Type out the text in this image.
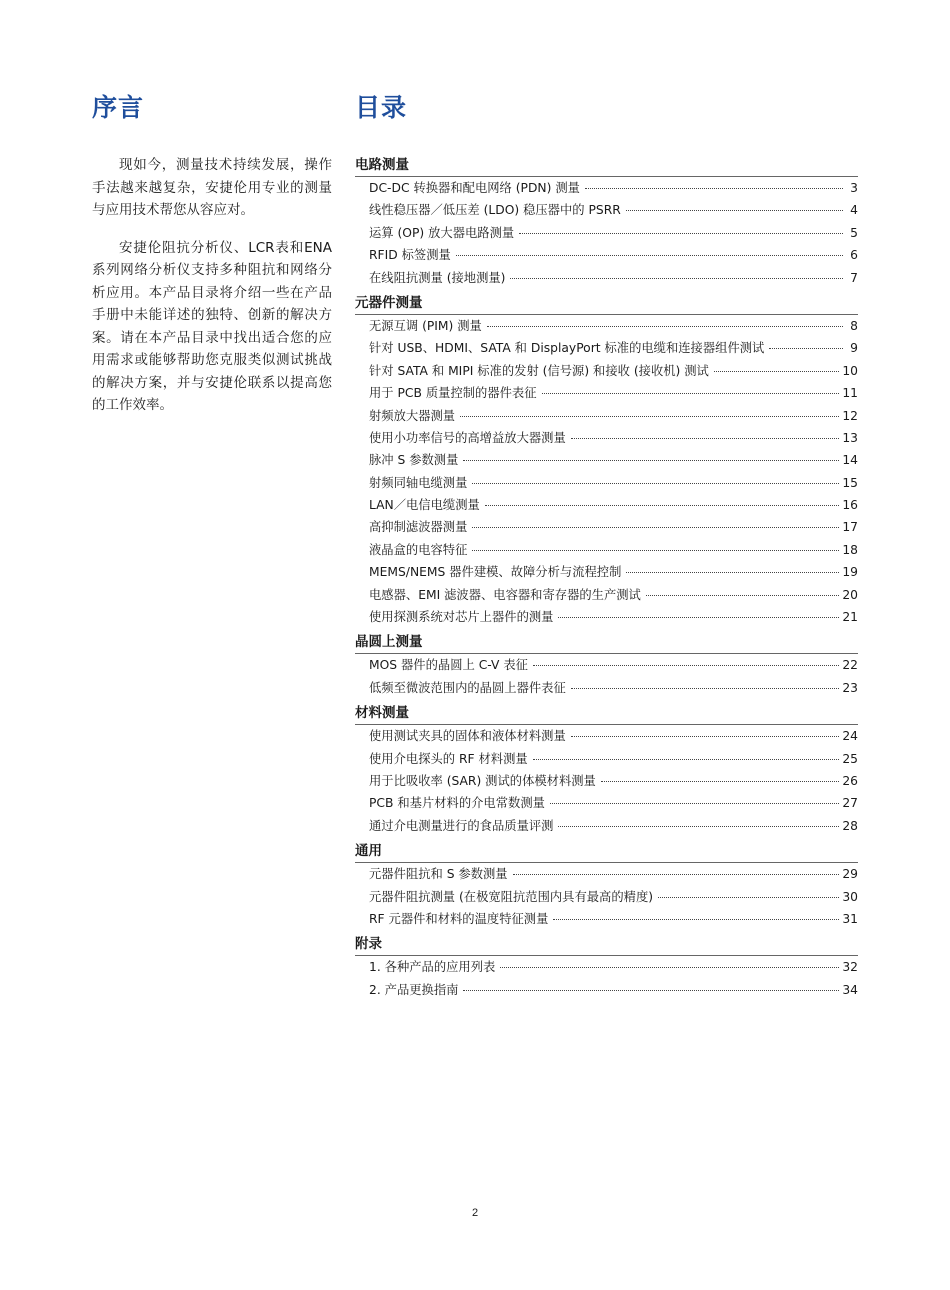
序言	目录

现如今，测量技术持续发展，操作手法越来越复杂，安捷伦用专业的测量与应用技术帮您从容应对。

安捷伦阻抗分析仪、LCR表和ENA系列网络分析仪支持多种阻抗和网络分析应用。本产品目录将介绍一些在产品手册中未能详述的独特、创新的解决方案。请在本产品目录中找出适合您的应用需求或能够帮助您克服类似测试挑战的解决方案，并与安捷伦联系以提高您的工作效率。

电路测量
DC-DC 转换器和配电网络 (PDN) 测量	3
线性稳压器／低压差 (LDO) 稳压器中的 PSRR	4
运算 (OP) 放大器电路测量	5
RFID 标签测量	6
在线阻抗测量 (接地测量)	7
元器件测量
无源互调 (PIM) 测量	8
针对 USB、HDMI、SATA 和 DisplayPort 标准的电缆和连接器组件测试	9
针对 SATA 和 MIPI 标准的发射 (信号源) 和接收 (接收机) 测试	10
用于 PCB 质量控制的器件表征	11
射频放大器测量	12
使用小功率信号的高增益放大器测量	13
脉冲 S 参数测量	14
射频同轴电缆测量	15
LAN／电信电缆测量	16
高抑制滤波器测量	17
液晶盒的电容特征	18
MEMS/NEMS 器件建模、故障分析与流程控制	19
电感器、EMI 滤波器、电容器和寄存器的生产测试	20
使用探测系统对芯片上器件的测量	21
晶圆上测量
MOS 器件的晶圆上 C-V 表征	22
低频至微波范围内的晶圆上器件表征	23
材料测量
使用测试夹具的固体和液体材料测量	24
使用介电探头的 RF 材料测量	25
用于比吸收率 (SAR) 测试的体模材料测量	26
PCB 和基片材料的介电常数测量	27
通过介电测量进行的食品质量评测	28
通用
元器件阻抗和 S 参数测量	29
元器件阻抗测量 (在极宽阻抗范围内具有最高的精度)	30
RF 元器件和材料的温度特征测量	31
附录
1. 各种产品的应用列表	32
2. 产品更换指南	34
2
